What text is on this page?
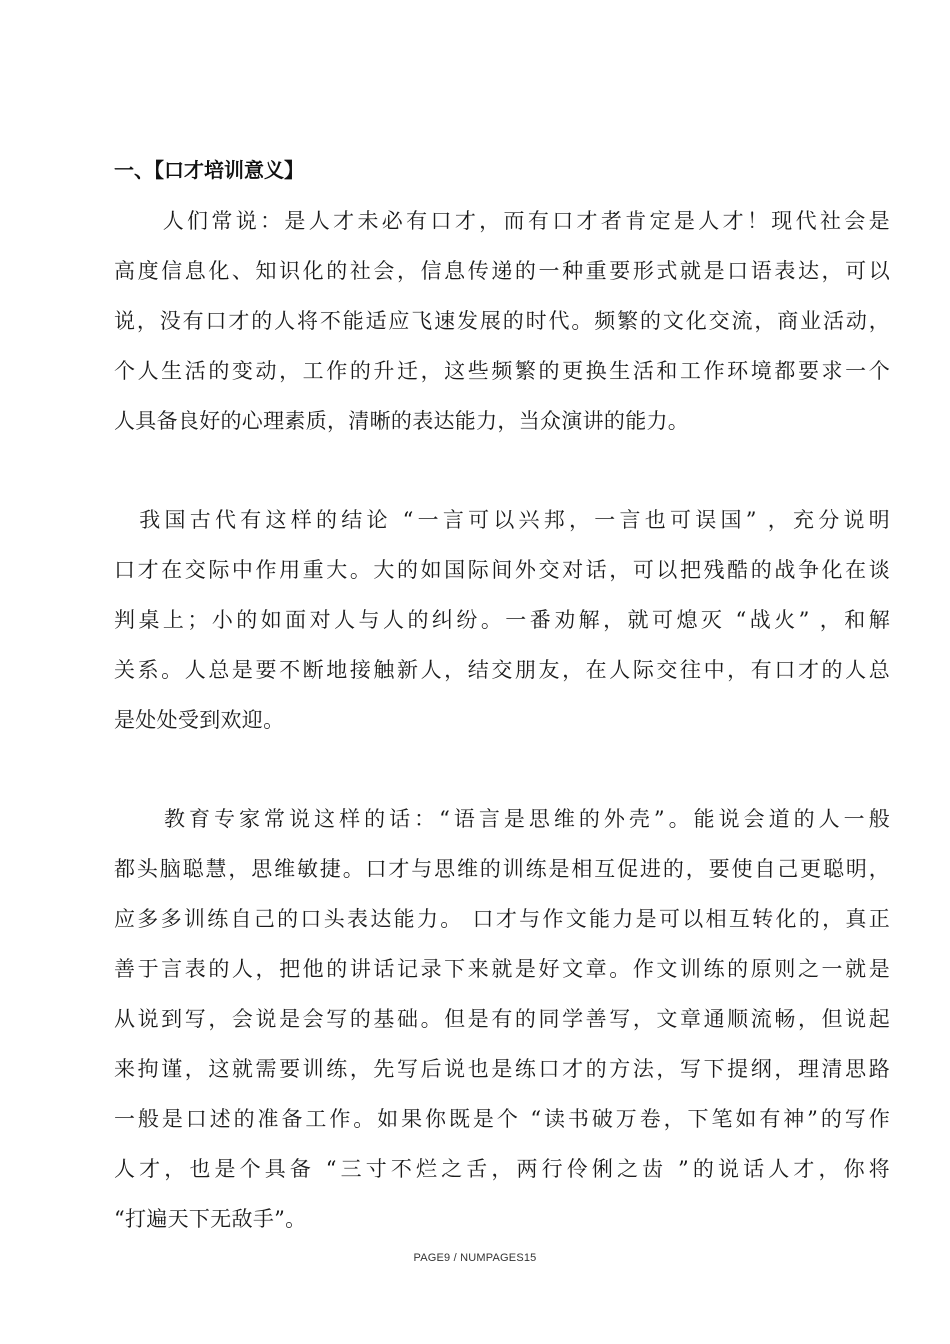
一、【口才培训意义】
　　人们常说：是人才未必有口才，而有口才者肯定是人才！现代社会是
高度信息化、知识化的社会，信息传递的一种重要形式就是口语表达，可以
说，没有口才的人将不能适应飞速发展的时代。频繁的文化交流，商业活动，
个人生活的变动，工作的升迁，这些频繁的更换生活和工作环境都要求一个
人具备良好的心理素质，清晰的表达能力，当众演讲的能力。
　我国古代有这样的结论 “一言可以兴邦，一言也可误国” ，充分说明
口才在交际中作用重大。大的如国际间外交对话，可以把残酷的战争化在谈
判桌上；小的如面对人与人的纠纷。一番劝解，就可熄灭 “战火” ，和解
关系。人总是要不断地接触新人，结交朋友，在人际交往中，有口才的人总
是处处受到欢迎。
　　教育专家常说这样的话：“语言是思维的外壳”。能说会道的人一般
都头脑聪慧，思维敏捷。口才与思维的训练是相互促进的，要使自己更聪明，
应多多训练自己的口头表达能力。 口才与作文能力是可以相互转化的，真正
善于言表的人，把他的讲话记录下来就是好文章。作文训练的原则之一就是
从说到写，会说是会写的基础。但是有的同学善写，文章通顺流畅，但说起
来拘谨，这就需要训练，先写后说也是练口才的方法，写下提纲，理清思路
一般是口述的准备工作。如果你既是个 “读书破万卷，下笔如有神”的写作
人才，也是个具备 “三寸不烂之舌，两行伶俐之齿 ”的说话人才，你将
“打遍天下无敌手”。
PAGE9 / NUMPAGES15
